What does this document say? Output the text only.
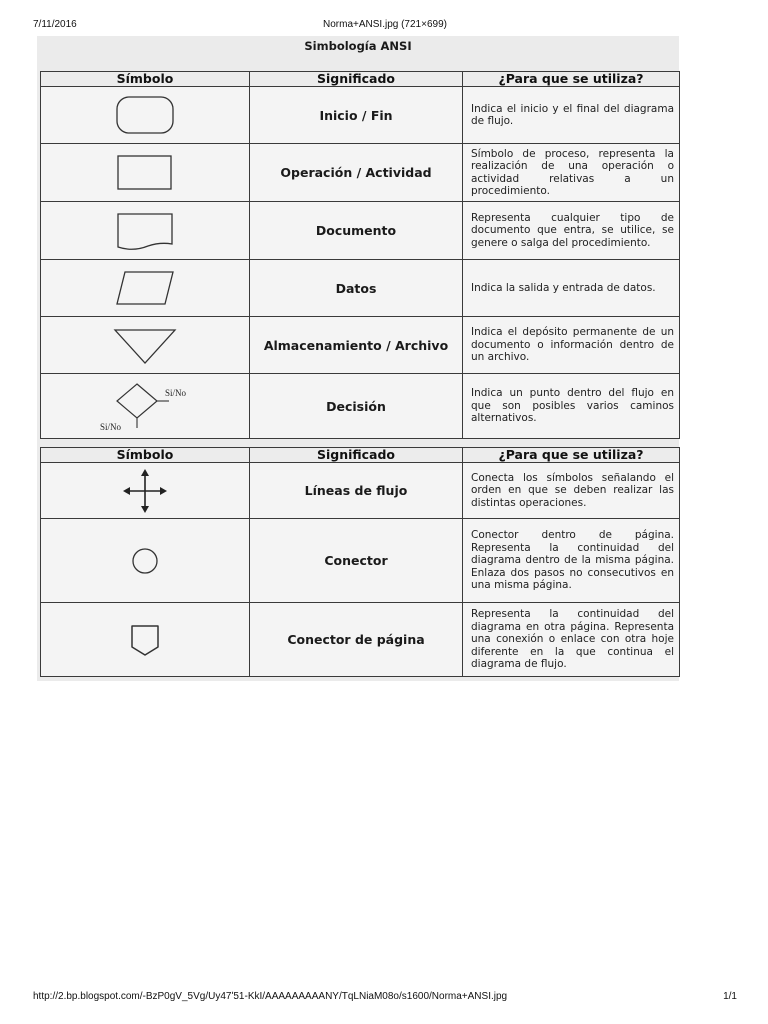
7/11/2016	Norma+ANSI.jpg (721×699)
Simbología ANSI
Símbolo	Significado	¿Para que se utiliza?

	Inicio / Fin	Indica el inicio y el final del diagrama de flujo.

	Operación / Actividad	Símbolo de proceso, representa la realización de una operación o actividad relativas a un procedimiento.

	Documento	Representa cualquier tipo de documento que entra, se utilice, se genere o salga del procedimiento.

	Datos	Indica la salida y entrada de datos.

	Almacenamiento / Archivo	Indica el depósito permanente de un documento o información dentro de un archivo.

Si/No
Si/No	Decisión	Indica un punto dentro del flujo en que son posibles varios caminos alternativos.
Símbolo	Significado	¿Para que se utiliza?

	Líneas de flujo	Conecta los símbolos señalando el orden en que se deben realizar las distintas operaciones.

	Conector	Conector dentro de página. Representa la continuidad del diagrama dentro de la misma página. Enlaza dos pasos no consecutivos en una misma página.

	Conector de página	Representa la continuidad del diagrama en otra página. Representa una conexión o enlace con otra hoje diferente en la que continua el diagrama de flujo.
http://2.bp.blogspot.com/-BzP0gV_5Vg/Uy47ʹ51-KkI/AAAAAAAAANY/TqLNiaM08o/s1600/Norma+ANSI.jpg	1/1
